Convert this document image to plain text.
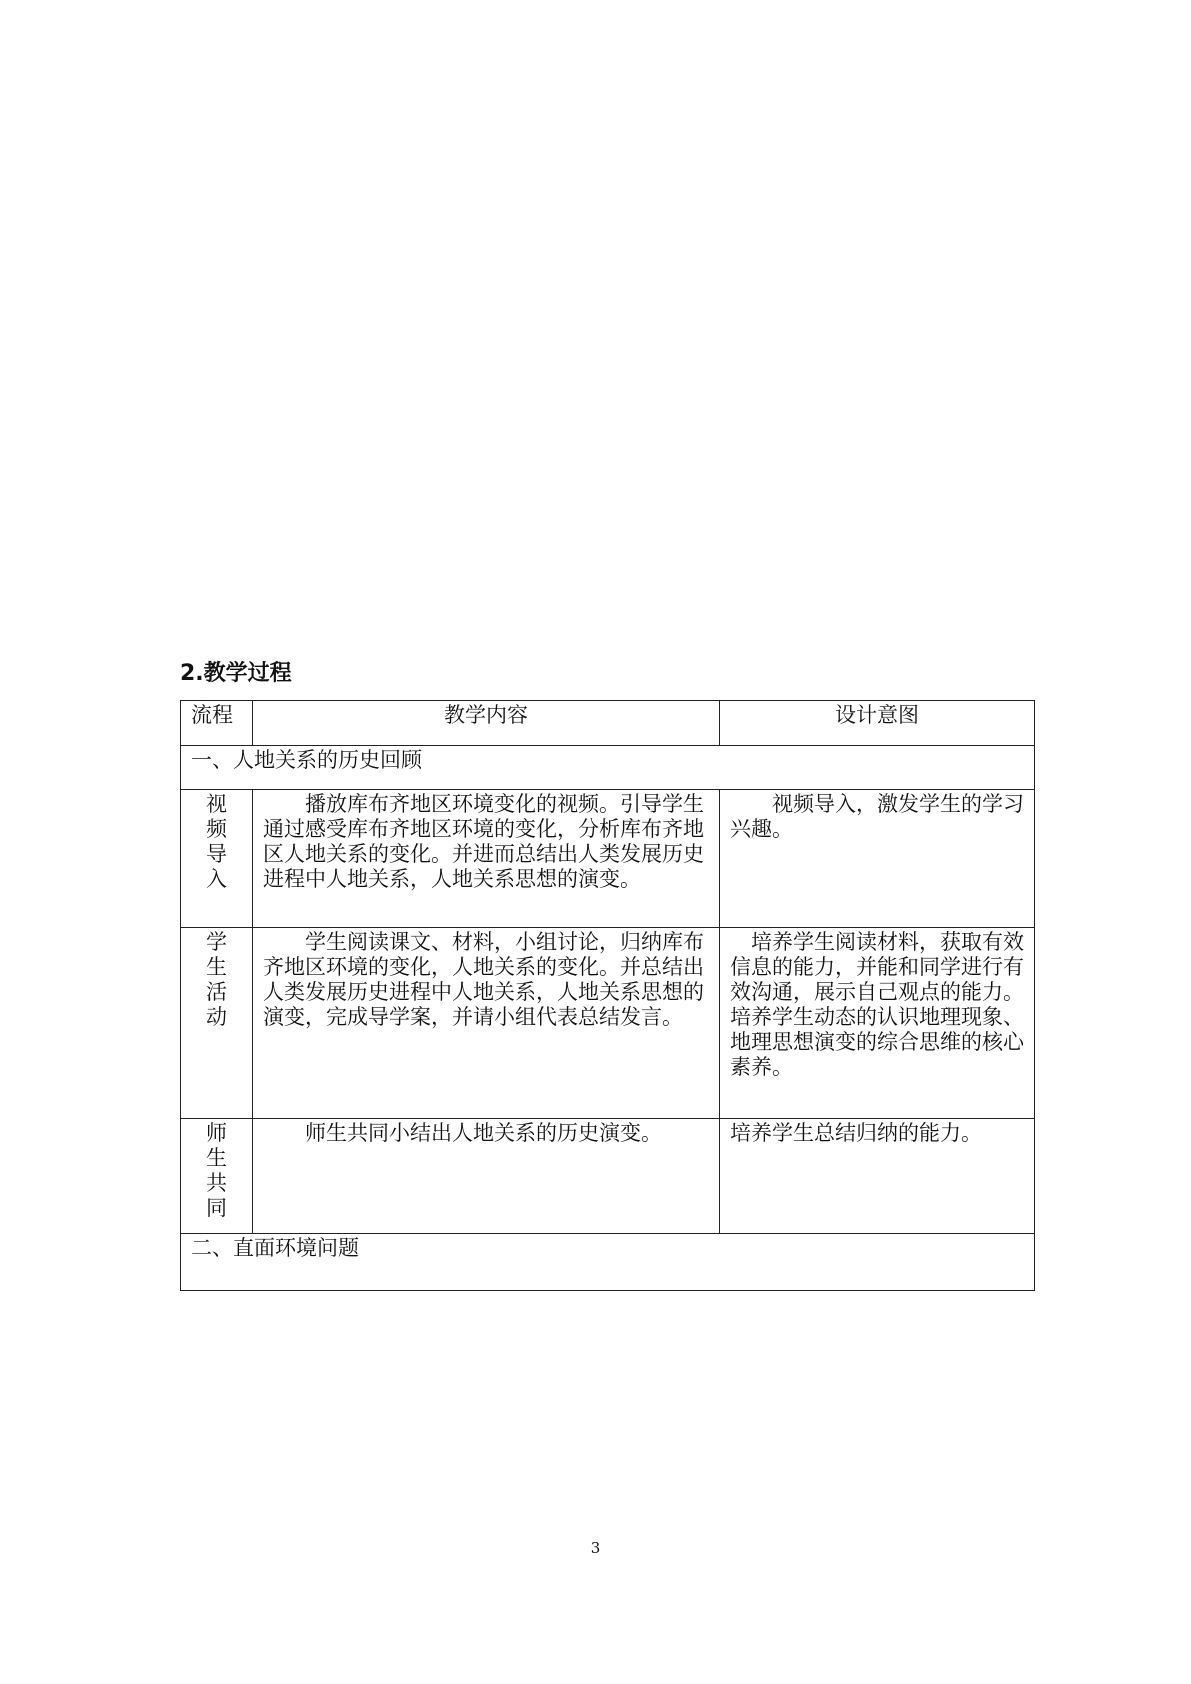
2.教学过程
流程	教学内容	设计意图
一、人地关系的历史回顾		
视频导入	播放库布齐地区环境变化的视频。引导学生通过感受库布齐地区环境的变化，分析库布齐地区人地关系的变化。并进而总结出人类发展历史进程中人地关系，人地关系思想的演变。	视频导入，激发学生的学习兴趣。
学生活动	学生阅读课文、材料，小组讨论，归纳库布齐地区环境的变化，人地关系的变化。并总结出人类发展历史进程中人地关系，人地关系思想的演变，完成导学案，并请小组代表总结发言。	培养学生阅读材料，获取有效信息的能力，并能和同学进行有效沟通，展示自己观点的能力。培养学生动态的认识地理现象、地理思想演变的综合思维的核心素养。
师生共同	师生共同小结出人地关系的历史演变。	培养学生总结归纳的能力。
二、直面环境问题		
3
